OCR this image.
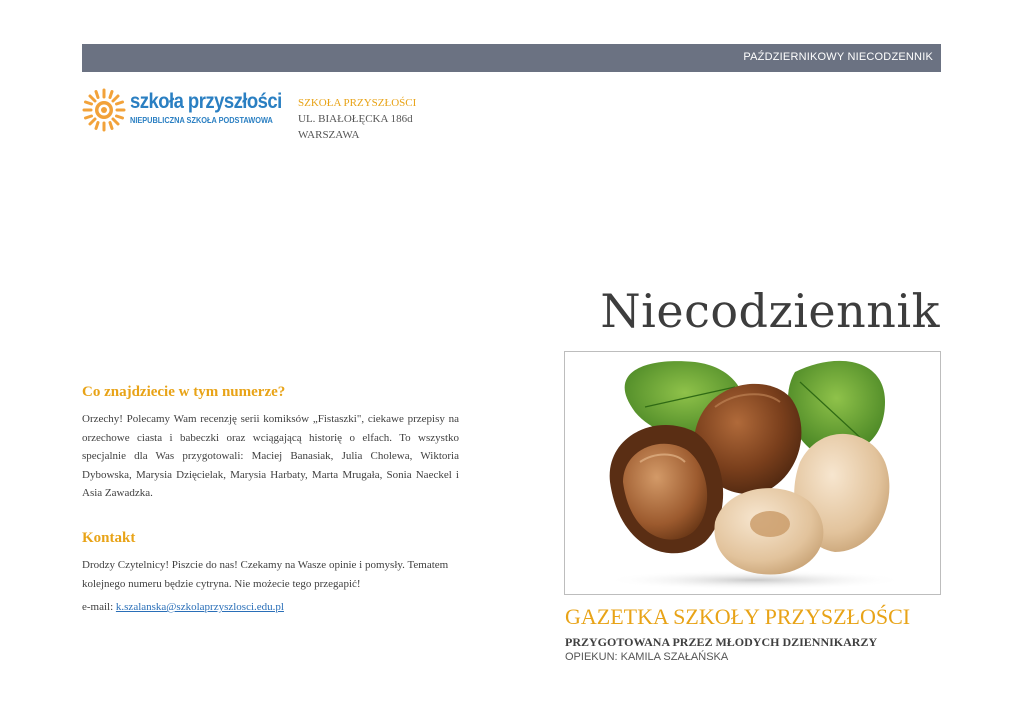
PAŹDZIERNIKOWY NIECODZENNIK
szkoła przyszłości
NIEPUBLICZNA SZKOŁA PODSTAWOWA
SZKOŁA PRZYSZŁOŚCI
UL. BIAŁOŁĘCKA 186d
WARSZAWA
Niecodziennik
GAZETKA SZKOŁY PRZYSZŁOŚCI
PRZYGOTOWANA PRZEZ MŁODYCH DZIENNIKARZY
OPIEKUN: KAMILA SZAŁAŃSKA
Co znajdziecie w tym numerze?
Orzechy! Polecamy Wam recenzję serii komiksów „Fistaszki", ciekawe przepisy na orzechowe ciasta i babeczki oraz wciągającą historię o elfach. To wszystko specjalnie dla Was przygotowali: Maciej Banasiak, Julia Cholewa, Wiktoria Dybowska, Marysia Dzięcielak, Marysia Harbaty, Marta Mrugała, Sonia Naeckel i Asia Zawadzka.
Kontakt
Drodzy Czytelnicy! Piszcie do nas! Czekamy na Wasze opinie i pomysły. Tematem kolejnego numeru będzie cytryna. Nie możecie tego przegapić!
e-mail: k.szalanska@szkolaprzyszlosci.edu.pl
